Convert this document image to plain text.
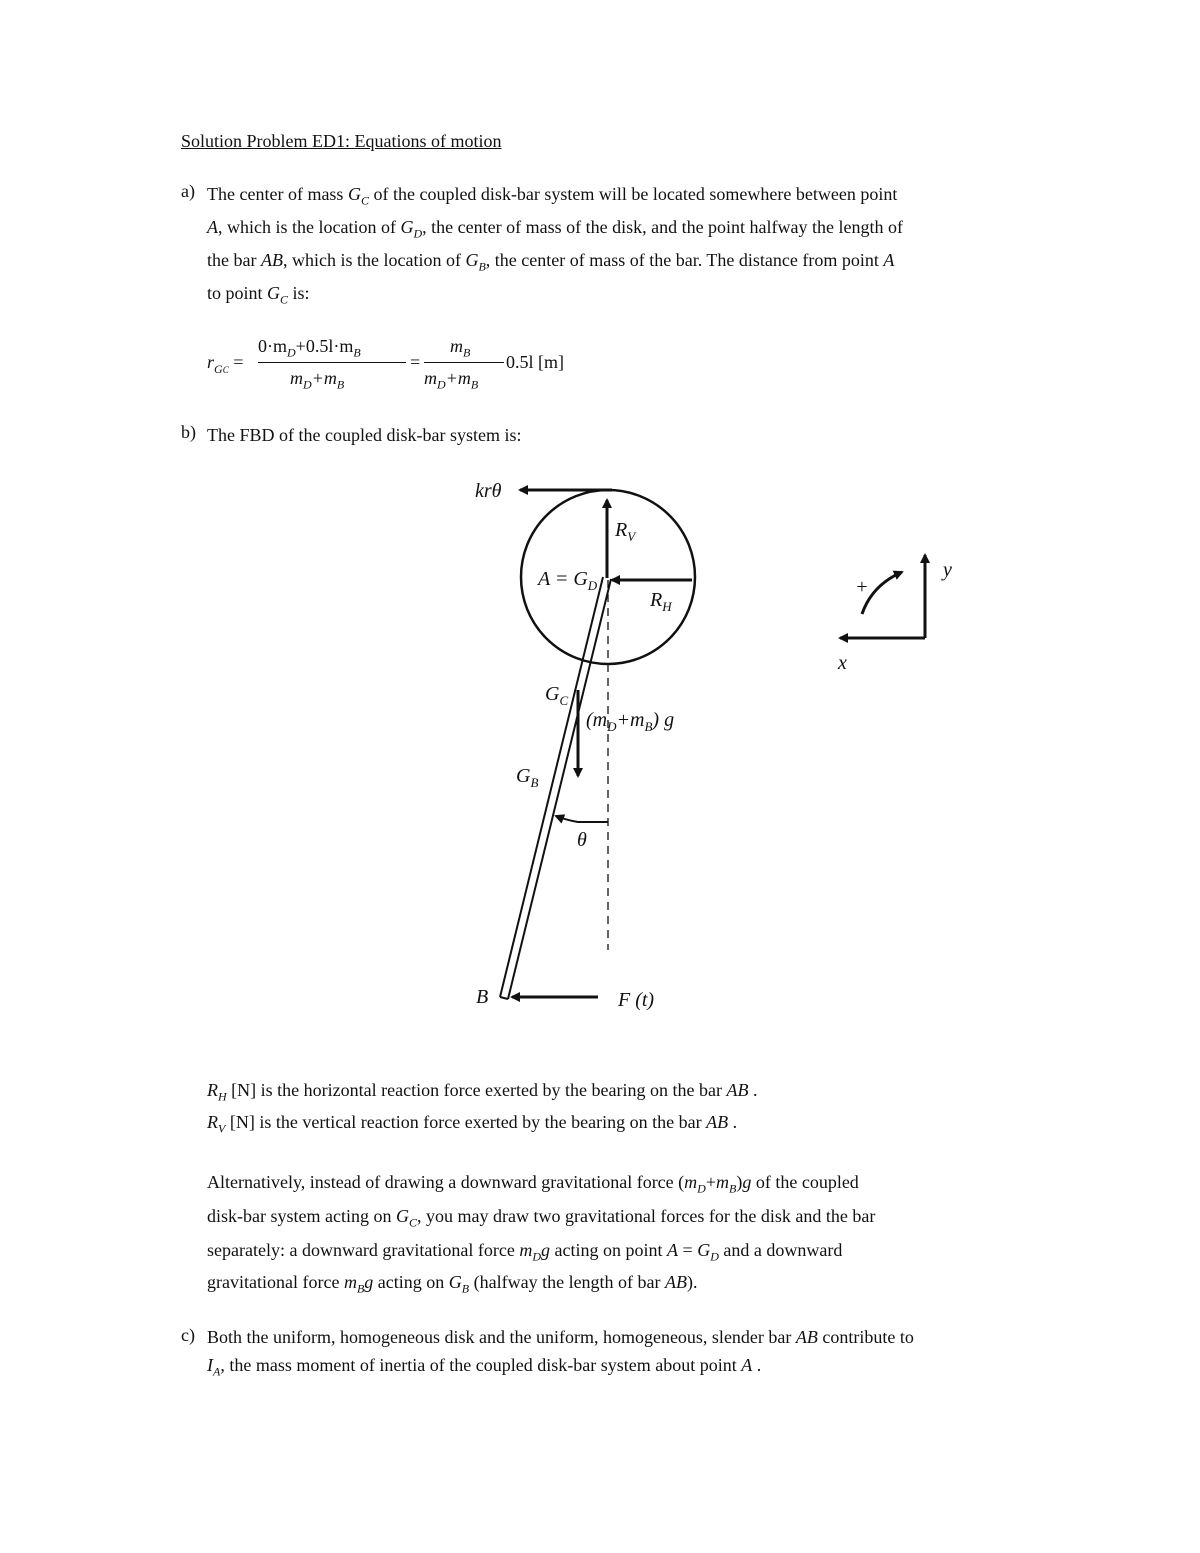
Solution Problem ED1: Equations of motion
a) The center of mass $G_C$ of the coupled disk-bar system will be located somewhere between point
A, which is the location of $G_D$, the center of mass of the disk, and the point halfway the length of
the bar AB, which is the location of $G_B$, the center of mass of the bar. The distance from point A
to point $G_C$ is:
$r_{GC}$ =
$0\cdot m_D+0.5l\cdot m_B$
$m_D+m_B$
=
$m_B$
$m_D+m_B$
0.5l [m]
b) The FBD of the coupled disk-bar system is:
krθ
$R_V$
$A = G_D$
$R_H$
$G_C$
$(m_D+m_B)$ g
$G_B$
θ
B	F (t)
+
x
y
$R_H$ [N] is the horizontal reaction force exerted by the bearing on the bar AB .
$R_V$ [N] is the vertical reaction force exerted by the bearing on the bar AB .
Alternatively, instead of drawing a downward gravitational force $(m_D+m_B)g$ of the coupled
disk-bar system acting on $G_C$, you may draw two gravitational forces for the disk and the bar
separately: a downward gravitational force $m_Dg$ acting on point $A = G_D$ and a downward
gravitational force $m_Bg$ acting on $G_B$ (halfway the length of bar AB).
c) Both the uniform, homogeneous disk and the uniform, homogeneous, slender bar AB contribute to
$I_A$, the mass moment of inertia of the coupled disk-bar system about point A .
